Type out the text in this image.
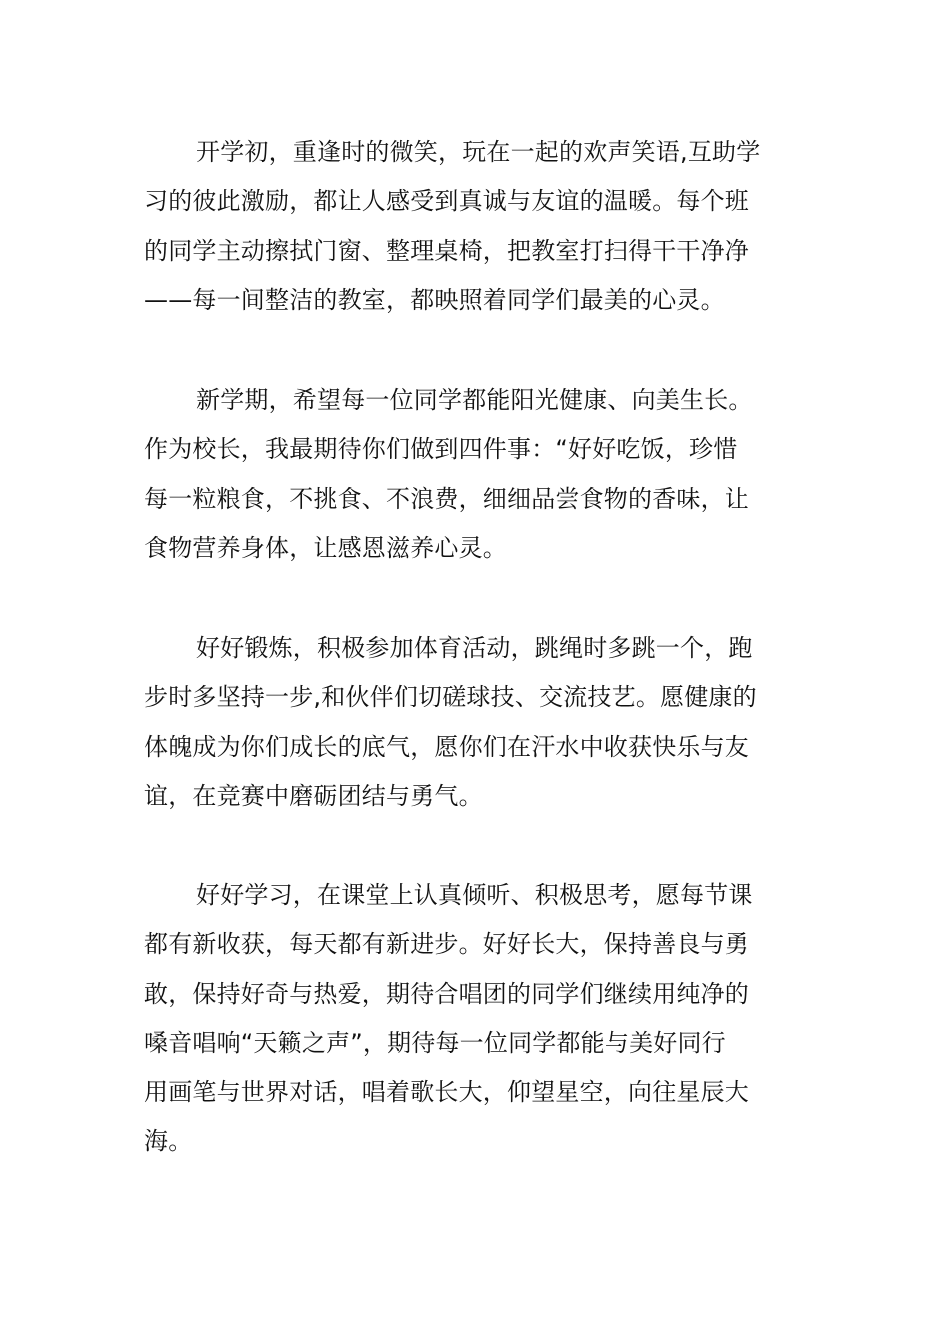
开学初，重逢时的微笑，玩在一起的欢声笑语,互助学
习的彼此激励，都让人感受到真诚与友谊的温暖。每个班
的同学主动擦拭门窗、整理桌椅，把教室打扫得干干净净
——每一间整洁的教室，都映照着同学们最美的心灵。
新学期，希望每一位同学都能阳光健康、向美生长。
作为校长，我最期待你们做到四件事：“好好吃饭，珍惜
每一粒粮食，不挑食、不浪费，细细品尝食物的香味，让
食物营养身体，让感恩滋养心灵。
好好锻炼，积极参加体育活动，跳绳时多跳一个，跑
步时多坚持一步,和伙伴们切磋球技、交流技艺。愿健康的
体魄成为你们成长的底气，愿你们在汗水中收获快乐与友
谊，在竞赛中磨砺团结与勇气。
好好学习，在课堂上认真倾听、积极思考，愿每节课
都有新收获，每天都有新进步。好好长大，保持善良与勇
敢，保持好奇与热爱，期待合唱团的同学们继续用纯净的
嗓音唱响“天籁之声”，期待每一位同学都能与美好同行
用画笔与世界对话，唱着歌长大，仰望星空，向往星辰大
海。
